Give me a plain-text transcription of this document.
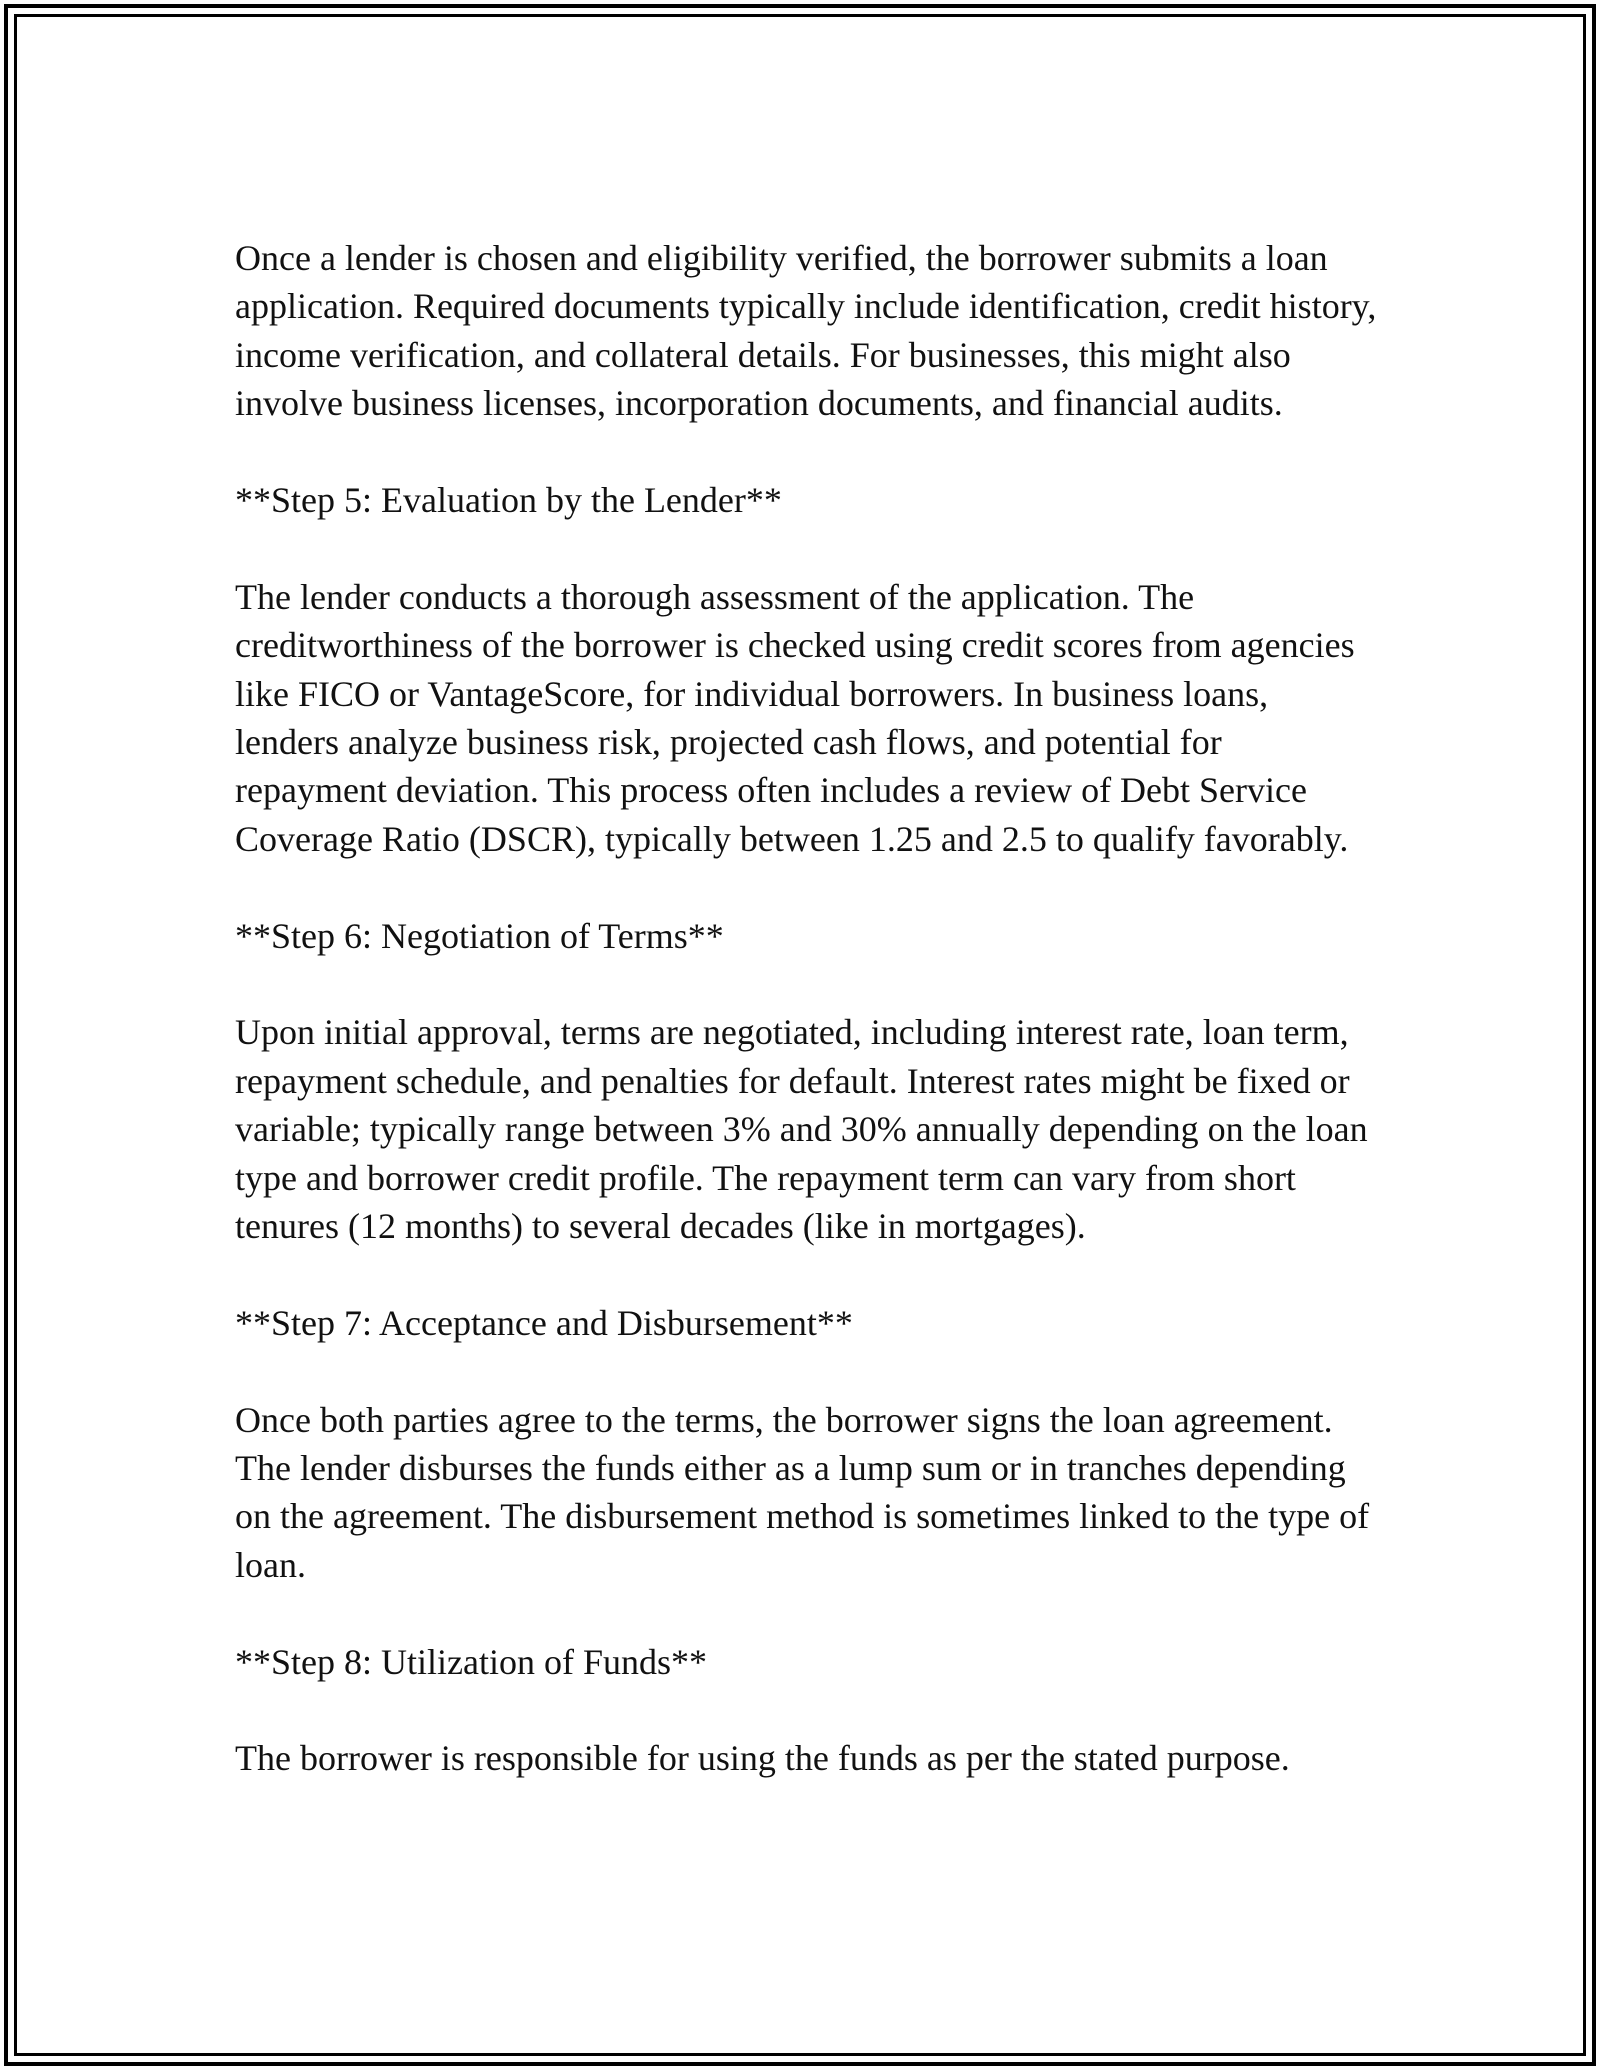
Once a lender is chosen and eligibility verified, the borrower submits a loan application. Required documents typically include identification, credit history, income verification, and collateral details. For businesses, this might also involve business licenses, incorporation documents, and financial audits.

**Step 5: Evaluation by the Lender**

The lender conducts a thorough assessment of the application. The creditworthiness of the borrower is checked using credit scores from agencies like FICO or VantageScore, for individual borrowers. In business loans, lenders analyze business risk, projected cash flows, and potential for repayment deviation. This process often includes a review of Debt Service Coverage Ratio (DSCR), typically between 1.25 and 2.5 to qualify favorably.

**Step 6: Negotiation of Terms**

Upon initial approval, terms are negotiated, including interest rate, loan term, repayment schedule, and penalties for default. Interest rates might be fixed or variable; typically range between 3% and 30% annually depending on the loan type and borrower credit profile. The repayment term can vary from short tenures (12 months) to several decades (like in mortgages).

**Step 7: Acceptance and Disbursement**

Once both parties agree to the terms, the borrower signs the loan agreement. The lender disburses the funds either as a lump sum or in tranches depending on the agreement. The disbursement method is sometimes linked to the type of loan.

**Step 8: Utilization of Funds**

The borrower is responsible for using the funds as per the stated purpose.
